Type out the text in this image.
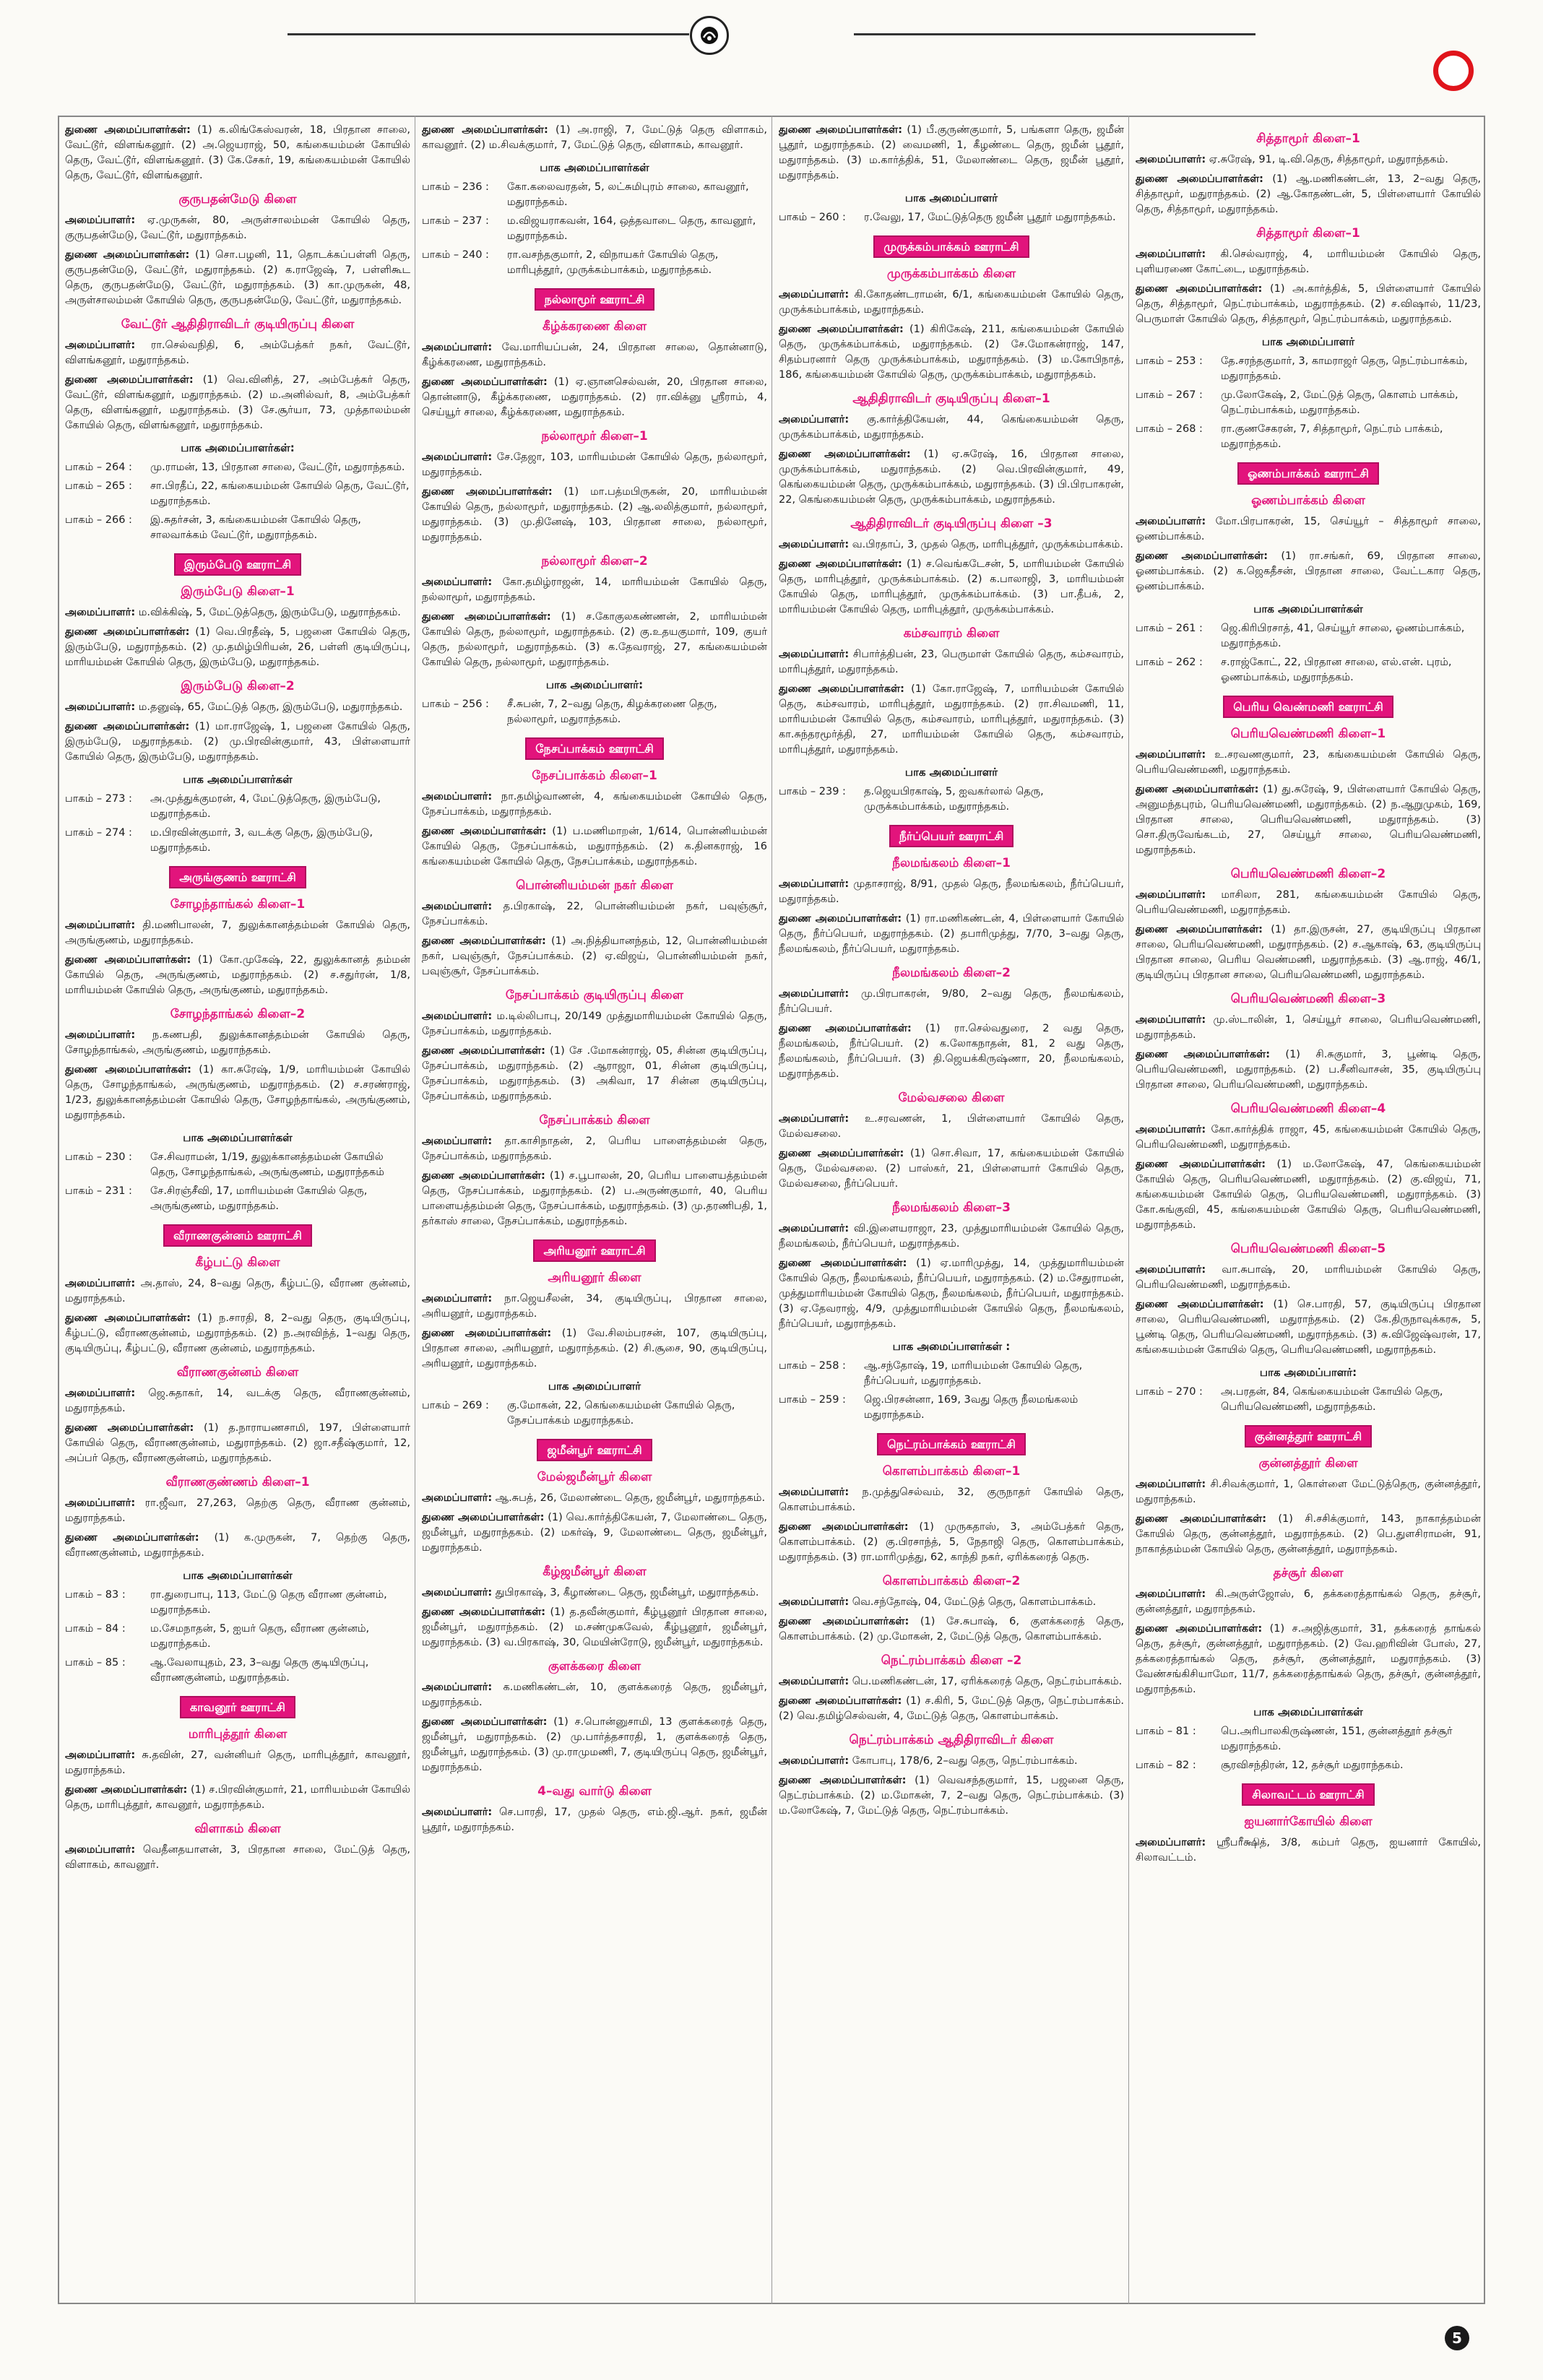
துணை அமைப்பாளர்கள்: (1) க.லிங்கேஸ்வரன், 18, பிரதான சாலை, வேட்டூர், விளங்கனூர். (2) அ.ஜெயராஜ், 50, கங்கையம்மன் கோயில் தெரு, வேட்டூர், விளங்கனூர். (3) கே.சேகர், 19, கங்கையம்மன் கோயில் தெரு, வேட்டூர், விளங்கனூர்.
குருபதன்மேடு கிளை
அமைப்பாளர்: ஏ.முருகன், 80, அருள்சாலம்மன் கோயில் தெரு, குருபதன்மேடு, வேட்டூர், மதுராந்தகம்.
துணை அமைப்பாளர்கள்: (1) சொ.பழனி, 11, தொடக்கப்பள்ளி தெரு, குருபதன்மேடு, வேட்டூர், மதுராந்தகம். (2) க.ராஜேஷ், 7, பள்ளிகூட தெரு, குருபதன்மேடு, வேட்டூர், மதுராந்தகம். (3) கா.முருகன், 48, அருள்சாலம்மன் கோயில் தெரு, குருபதன்மேடு, வேட்டூர், மதுராந்தகம்.
வேட்டூர் ஆதிதிராவிடர் குடியிருப்பு கிளை
அமைப்பாளர்: ரா.செல்வநிதி, 6, அம்பேத்கர் நகர், வேட்டூர், விளங்கனூர், மதுராந்தகம்.
துணை அமைப்பாளர்கள்: (1) வெ.வினித், 27, அம்பேத்கர் தெரு, வேட்டூர், விளங்கனூர், மதுராந்தகம். (2) ம.அனில்வர், 8, அம்பேத்கர் தெரு, விளங்கனூர், மதுராந்தகம். (3) சே.சூர்யா, 73, முத்தாலம்மன் கோயில் தெரு, விளங்கனூர், மதுராந்தகம்.
பாக அமைப்பாளர்கள்:
பாகம் – 264 :	மு.ராமன், 13, பிரதான சாலை, வேட்டூர், மதுராந்தகம்.
பாகம் – 265 :	சா.பிரதீப், 22, கங்கையம்மன் கோயில் தெரு, வேட்டூர், மதுராந்தகம்.
பாகம் – 266 :	இ.சுதர்சன், 3, கங்கையம்மன் கோயில் தெரு, சாலவாக்கம் வேட்டூர், மதுராந்தகம்.
இரும்பேடு ஊராட்சி
இரும்பேடு கிளை–1
அமைப்பாளர்: ம.விக்கிஷ், 5, மேட்டுத்தெரு, இரும்பேடு, மதுராந்தகம்.
துணை அமைப்பாளர்கள்: (1) வெ.பிரதீஷ், 5, பஜனை கோயில் தெரு, இரும்பேடு, மதுராந்தகம். (2) மு.தமிழ்பிரியன், 26, பள்ளி குடியிருப்பு, மாரியம்மன் கோயில் தெரு, இரும்பேடு, மதுராந்தகம்.
இரும்பேடு கிளை–2
அமைப்பாளர்: ம.தனுஷ், 65, மேட்டுத் தெரு, இரும்பேடு, மதுராந்தகம்.
துணை அமைப்பாளர்கள்: (1) மா.ராஜேஷ், 1, பஜனை கோயில் தெரு, இரும்பேடு, மதுராந்தகம். (2) மு.பிரவின்குமார், 43, பிள்ளையார் கோயில் தெரு, இரும்பேடு, மதுராந்தகம்.
பாக அமைப்பாளர்கள்
பாகம் – 273 :	அ.முத்துக்குமரன், 4, மேட்டுத்தெரு, இரும்பேடு, மதுராந்தகம்.
பாகம் – 274 :	ம.பிரவின்குமார், 3, வடக்கு தெரு, இரும்பேடு, மதுராந்தகம்.
அருங்குணம் ஊராட்சி
சோழந்தாங்கல் கிளை–1
அமைப்பாளர்: தி.மணிபாலன், 7, துலுக்கானத்தம்மன் கோயில் தெரு, அருங்குணம், மதுராந்தகம்.
துணை அமைப்பாளர்கள்: (1) கோ.முகேஷ், 22, துலுக்கானத் தம்மன் கோயில் தெரு, அருங்குணம், மதுராந்தகம். (2) ச.சதுர்ரன், 1/8, மாரியம்மன் கோயில் தெரு, அருங்குணம், மதுராந்தகம்.
சோழந்தாங்கல் கிளை–2
அமைப்பாளர்: ந.கணபதி, துலுக்கானத்தம்மன் கோயில் தெரு, சோழந்தாங்கல், அருங்குணம், மதுராந்தகம்.
துணை அமைப்பாளர்கள்: (1) கா.சுரேஷ், 1/9, மாரியம்மன் கோயில் தெரு, சோழந்தாங்கல், அருங்குணம், மதுராந்தகம். (2) ச.சரண்ராஜ், 1/23, துலுக்கானத்தம்மன் கோயில் தெரு, சோழந்தாங்கல், அருங்குணம், மதுராந்தகம்.
பாக அமைப்பாளர்கள்
பாகம் – 230 :	சே.சிவராமன், 1/19, துலுக்கானத்தம்மன் கோயில் தெரு, சோழந்தாங்கல், அருங்குணம், மதுராந்தகம்
பாகம் – 231 :	சே.சிரஞ்சீவி, 17, மாரியம்மன் கோயில் தெரு, அருங்குணம், மதுராந்தகம்.
வீராணகுன்னம் ஊராட்சி
கீழ்பட்டு கிளை
அமைப்பாளர்: அ.தாஸ், 24, 8–வது தெரு, கீழ்பட்டு, வீராண குன்னம், மதுராந்தகம்.
துணை அமைப்பாளர்கள்: (1) ந.சாரதி, 8, 2–வது தெரு, குடியிருப்பு, கீழ்பட்டு, வீராணகுன்னம், மதுராந்தகம். (2) ந.அரவிந்த், 1–வது தெரு, குடியிருப்பு, கீழ்பட்டு, வீராண குன்னம், மதுராந்தகம்.
வீராணகுன்னம் கிளை
அமைப்பாளர்: ஜெ.சுதாகர், 14, வடக்கு தெரு, வீராணகுன்னம், மதுராந்தகம்.
துணை அமைப்பாளர்கள்: (1) த.நாராயணசாமி, 197, பிள்ளையார் கோயில் தெரு, வீராணகுன்னம், மதுராந்தகம். (2) ஜா.சதீஷ்குமார், 12, அப்பர் தெரு, வீராணகுன்னம், மதுராந்தகம்.
வீராணகுண்ணம் கிளை–1
அமைப்பாளர்: ரா.ஜீவா, 27,263, தெற்கு தெரு, வீராண குன்னம், மதுராந்தகம்.
துணை அமைப்பாளர்கள்: (1) க.முருகன், 7, தெற்கு தெரு, வீராணகுன்னம், மதுராந்தகம்.
பாக அமைப்பாளர்கள்
பாகம் – 83 :	ரா.துரைபாபு, 113, மேட்டு தெரு வீராண குன்னம், மதுராந்தகம்.
பாகம் – 84 :	ம.சேமநாதன், 5, ஐயர் தெரு, வீராண குன்னம், மதுராந்தகம்.
பாகம் – 85 :	ஆ.வேலாயுதம், 23, 3–வது தெரு குடியிருப்பு, வீராணகுன்னம், மதுராந்தகம்.
காவனூர் ஊராட்சி
மாரிபுத்தூர் கிளை
அமைப்பாளர்: சு.தவின், 27, வன்னியர் தெரு, மாரிபுத்தூர், காவனூர், மதுராந்தகம்.
துணை அமைப்பாளர்கள்: (1) ச.பிரவின்குமார், 21, மாரியம்மன் கோயில் தெரு, மாரிபுத்தூர், காவனூர், மதுராந்தகம்.
விளாகம் கிளை
அமைப்பாளர்: வெதீனதயாளன், 3, பிரதான சாலை, மேட்டுத் தெரு, விளாகம், காவனூர்.
துணை அமைப்பாளர்கள்: (1) அ.ராஜி, 7, மேட்டுத் தெரு விளாகம், காவனூர். (2) ம.சிவக்குமார், 7, மேட்டுத் தெரு, விளாகம், காவனூர்.
பாக அமைப்பாளர்கள்
பாகம் – 236 :	கோ.கலைவரதன், 5, லட்சுமிபுரம் சாலை, காவனூர், மதுராந்தகம்.
பாகம் – 237 :	ம.விஜயராகவன், 164, ஒத்தவாடை தெரு, காவனூர், மதுராந்தகம்.
பாகம் – 240 :	ரா.வசந்தகுமார், 2, விநாயகர் கோயில் தெரு, மாரிபுத்தூர், முருக்கம்பாக்கம், மதுராந்தகம்.
நல்லாமூர் ஊராட்சி
கீழ்க்கரணை கிளை
அமைப்பாளர்: வே.மாரியப்பன், 24, பிரதான சாலை, தொன்னாடு, கீழ்க்கரணை, மதுராந்தகம்.
துணை அமைப்பாளர்கள்: (1) ஏ.ஞானசெல்வன், 20, பிரதான சாலை, தொன்னாடு, கீழ்க்கரணை, மதுராந்தகம். (2) ரா.விக்னு ஸ்ரீராம், 4, செய்யூர் சாலை, கீழ்க்கரணை, மதுராந்தகம்.
நல்லாமூர் கிளை–1
அமைப்பாளர்: சே.தேஜா, 103, மாரியம்மன் கோயில் தெரு, நல்லாமூர், மதுராந்தகம்.
துணை அமைப்பாளர்கள்: (1) மா.பத்மபிருகன், 20, மாரியம்மன் கோயில் தெரு, நல்லாமூர், மதுராந்தகம். (2) ஆ.லலித்குமார், நல்லாமூர், மதுராந்தகம். (3) மு.தினேஷ், 103, பிரதான சாலை, நல்லாமூர், மதுராந்தகம்.
நல்லாமூர் கிளை–2
அமைப்பாளர்: கோ.தமிழ்ராஜன், 14, மாரியம்மன் கோயில் தெரு, நல்லாமூர், மதுராந்தகம்.
துணை அமைப்பாளர்கள்: (1) ச.கோகுலகண்ணன், 2, மாரியம்மன் கோயில் தெரு, நல்லாமூர், மதுராந்தகம். (2) கு.உதயகுமார், 109, குயர் தெரு, நல்லாமூர், மதுராந்தகம். (3) க.தேவராஜ், 27, கங்கையம்மன் கோயில் தெரு, நல்லாமூர், மதுராந்தகம்.
பாக அமைப்பாளர்:
பாகம் – 256 :	சீ.சுபன், 7, 2–வது தெரு, கிழக்கரணை தெரு, நல்லாமூர், மதுராந்தகம்.
நேசப்பாக்கம் ஊராட்சி
நேசப்பாக்கம் கிளை–1
அமைப்பாளர்: நா.தமிழ்வாணன், 4, கங்கையம்மன் கோயில் தெரு, நேசப்பாக்கம், மதுராந்தகம்.
துணை அமைப்பாளர்கள்: (1) ப.மணிமாறன், 1/614, பொன்னியம்மன் கோயில் தெரு, நேசப்பாக்கம், மதுராந்தகம். (2) க.தினகராஜ், 16 கங்கையம்மன் கோயில் தெரு, நேசப்பாக்கம், மதுராந்தகம்.
பொன்னியம்மன் நகர் கிளை
அமைப்பாளர்: த.பிரகாஷ், 22, பொன்னியம்மன் நகர், பவுஞ்சூர், நேசப்பாக்கம்.
துணை அமைப்பாளர்கள்: (1) அ.நித்தியானந்தம், 12, பொன்னியம்மன் நகர், பவுஞ்சூர், நேசப்பாக்கம். (2) ஏ.விஜய், பொன்னியம்மன் நகர், பவுஞ்சூர், நேசப்பாக்கம்.
நேசப்பாக்கம் குடியிருப்பு கிளை
அமைப்பாளர்: ம.டில்லிபாபு, 20/149 முத்துமாரியம்மன் கோயில் தெரு, நேசப்பாக்கம், மதுராந்தகம்.
துணை அமைப்பாளர்கள்: (1) சே .மோகன்ராஜ், 05, சின்ன குடியிருப்பு, நேசப்பாக்கம், மதுராந்தகம். (2) ஆராஜா, 01, சின்ன குடியிருப்பு, நேசப்பாக்கம், மதுராந்தகம். (3) அகிவா, 17 சின்ன குடியிருப்பு, நேசப்பாக்கம், மதுராந்தகம்.
நேசப்பாக்கம் கிளை
அமைப்பாளர்: தா.காசிநாதன், 2, பெரிய பாளைத்தம்மன் தெரு, நேசப்பாக்கம், மதுராந்தகம்.
துணை அமைப்பாளர்கள்: (1) ச.பூபாலன், 20, பெரிய பாளையத்தம்மன் தெரு, நேசப்பாக்கம், மதுராந்தகம். (2) ப.அருண்குமார், 40, பெரிய பாளையத்தம்மன் தெரு, நேசப்பாக்கம், மதுராந்தகம். (3) மு.தரணிபதி, 1, தர்காஸ் சாலை, நேசப்பாக்கம், மதுராந்தகம்.
அரியனூர் ஊராட்சி
அரியனூர் கிளை
அமைப்பாளர்: நா.ஜெயசீலன், 34, குடியிருப்பு, பிரதான சாலை, அரியனூர், மதுராந்தகம்.
துணை அமைப்பாளர்கள்: (1) வே.சிலம்பரசன், 107, குடியிருப்பு, பிரதான சாலை, அரியனூர், மதுராந்தகம். (2) சி.சூசை, 90, குடியிருப்பு, அரியனூர், மதுராந்தகம்.
பாக அமைப்பாளர்
பாகம் – 269 :	கு.மோகன், 22, கெங்கையம்மன் கோயில் தெரு, நேசப்பாக்கம் மதுராந்தகம்.
ஜமீன்பூர் ஊராட்சி
மேல்ஜமீன்பூர் கிளை
அமைப்பாளர்: ஆ.சுபத், 26, மேலாண்டை தெரு, ஜமீன்பூர், மதுராந்தகம்.
துணை அமைப்பாளர்கள்: (1) வெ.கார்த்திகேயன், 7, மேலாண்டை தெரு, ஜமீன்பூர், மதுராந்தகம். (2) மகர்ஷ், 9, மேலாண்டை தெரு, ஜமீன்பூர், மதுராந்தகம்.
கீழ்ஜமீன்பூர் கிளை
அமைப்பாளர்: துபிரகாஷ், 3, கீழாண்டை தெரு, ஜமீன்பூர், மதுராந்தகம்.
துணை அமைப்பாளர்கள்: (1) த.தவீன்குமார், கீழ்பூனூர் பிரதான சாலை, ஜமீன்பூர், மதுராந்தகம். (2) ம.சண்முகவேல், கீழ்பூனூர், ஜமீன்பூர், மதுராந்தகம். (3) வ.பிரகாஷ், 30, மெயின்ரோடு, ஜமீன்பூர், மதுராந்தகம்.
குளக்கரை கிளை
அமைப்பாளர்: க.மணிகண்டன், 10, குளக்கரைத் தெரு, ஜமீன்பூர், மதுராந்தகம்.
துணை அமைப்பாளர்கள்: (1) ச.பொன்னுசாமி, 13 குளக்கரைத் தெரு, ஜமீன்பூர், மதுராந்தகம். (2) மு.பார்த்தசாரதி, 1, குளக்கரைத் தெரு, ஜமீன்பூர், மதுராந்தகம். (3) மு.ராமுமணி, 7, குடியிருப்பு தெரு, ஜமீன்பூர், மதுராந்தகம்.
4–வது வார்டு கிளை
அமைப்பாளர்: செ.பாரதி, 17, முதல் தெரு, எம்.ஜி.ஆர். நகர், ஜமீன் பூதூர், மதுராந்தகம்.
துணை அமைப்பாளர்கள்: (1) பீ.குருண்குமார், 5, பங்களா தெரு, ஜமீன் பூதூர், மதுராந்தகம். (2) வைமணி, 1, கீழண்டை தெரு, ஜமீன் பூதூர், மதுராந்தகம். (3) ம.கார்த்திக், 51, மேலாண்டை தெரு, ஜமீன் பூதூர், மதுராந்தகம்.
பாக அமைப்பாளர்
பாகம் – 260 :	ர.வேலு, 17, மேட்டுத்தெரு ஜமீன் பூதூர் மதுராந்தகம்.
முருக்கம்பாக்கம் ஊராட்சி
முருக்கம்பாக்கம் கிளை
அமைப்பாளர்: கி.கோதண்டராமன், 6/1, கங்கையம்மன் கோயில் தெரு, முருக்கம்பாக்கம், மதுராந்தகம்.
துணை அமைப்பாளர்கள்: (1) கிரிகேஷ், 211, கங்கையம்மன் கோயில் தெரு, முருக்கம்பாக்கம், மதுராந்தகம். (2) சே.மோகன்ராஜ், 147, சிதம்பரனார் தெரு முருக்கம்பாக்கம், மதுராந்தகம். (3) ம.கோபிநாத், 186, கங்கையம்மன் கோயில் தெரு, முருக்கம்பாக்கம், மதுராந்தகம்.
ஆதிதிராவிடர் குடியிருப்பு கிளை–1
அமைப்பாளர்: கு.கார்த்திகேயன், 44, கெங்கையம்மன் தெரு, முருக்கம்பாக்கம், மதுராந்தகம்.
துணை அமைப்பாளர்கள்: (1) ஏ.சுரேஷ், 16, பிரதான சாலை, முருக்கம்பாக்கம், மதுராந்தகம். (2) வெ.பிரவின்குமார், 49, கெங்கையம்மன் தெரு, முருக்கம்பாக்கம், மதுராந்தகம். (3) பி.பிரபாகரன், 22, கெங்கையம்மன் தெரு, முருக்கம்பாக்கம், மதுராந்தகம்.
ஆதிதிராவிடர் குடியிருப்பு கிளை –3
அமைப்பாளர்: வ.பிரதாப், 3, முதல் தெரு, மாரிபுத்தூர், முருக்கம்பாக்கம்.
துணை அமைப்பாளர்கள்: (1) ச.வெங்கடேசன், 5, மாரியம்மன் கோயில் தெரு, மாரிபுத்தூர், முருக்கம்பாக்கம். (2) க.பாலாஜி, 3, மாரியம்மன் கோயில் தெரு, மாரிபுத்தூர், முருக்கம்பாக்கம். (3) பா.தீபக், 2, மாரியம்மன் கோயில் தெரு, மாரிபுத்தூர், முருக்கம்பாக்கம்.
கம்சவாரம் கிளை
அமைப்பாளர்: சிபார்த்திபன், 23, பெருமாள் கோயில் தெரு, கம்சவாரம், மாரிபுத்தூர், மதுராந்தகம்.
துணை அமைப்பாளர்கள்: (1) கோ.ராஜேஷ், 7, மாரியம்மன் கோயில் தெரு, கம்சவாரம், மாரிபுத்தூர், மதுராந்தகம். (2) ரா.சிவமணி, 11, மாரியம்மன் கோயில் தெரு, கம்சவாரம், மாரிபுத்தூர், மதுராந்தகம். (3) கா.சுந்தரமூர்த்தி, 27, மாரியம்மன் கோயில் தெரு, கம்சவாரம், மாரிபுத்தூர், மதுராந்தகம்.
பாக அமைப்பாளர்
பாகம் – 239 :	த.ஜெயபிரகாஷ், 5, ஐவகர்லால் தெரு, முருக்கம்பாக்கம், மதுராந்தகம்.
நீர்ப்பெயர் ஊராட்சி
நீலமங்கலம் கிளை–1
அமைப்பாளர்: முதாசராஜ், 8/91, முதல் தெரு, நீலமங்கலம், நீர்ப்பெயர், மதுராந்தகம்.
துணை அமைப்பாளர்கள்: (1) ரா.மணிகண்டன், 4, பிள்ளையார் கோயில் தெரு, நீர்ப்பெயர், மதுராந்தகம். (2) தபாரிமுத்து, 7/70, 3–வது தெரு, நீலமங்கலம், நீர்ப்பெயர், மதுராந்தகம்.
நீலமங்கலம் கிளை–2
அமைப்பாளர்: மு.பிரபாகரன், 9/80, 2–வது தெரு, நீலமங்கலம், நீர்ப்பெயர்.
துணை அமைப்பாளர்கள்: (1) ரா.செல்வதுரை, 2 வது தெரு, நீலமங்கலம், நீர்ப்பெயர். (2) க.லோகநாதன், 81, 2 வது தெரு, நீலமங்கலம், நீர்ப்பெயர். (3) தி.ஜெயக்கிருஷ்ணா, 20, நீலமங்கலம், மதுராந்தகம்.
மேல்வசலை கிளை
அமைப்பாளர்: உ.சரவணன், 1, பிள்ளையார் கோயில் தெரு, மேல்வசலை.
துணை அமைப்பாளர்கள்: (1) சொ.சிவா, 17, கங்கையம்மன் கோயில் தெரு, மேல்வசலை. (2) பாஸ்கர், 21, பிள்ளையார் கோயில் தெரு, மேல்வசலை, நீர்ப்பெயர்.
நீலமங்கலம் கிளை–3
அமைப்பாளர்: வி.இளையராஜா, 23, முத்துமாரியம்மன் கோயில் தெரு, நீலமங்கலம், நீர்ப்பெயர், மதுராந்தகம்.
துணை அமைப்பாளர்கள்: (1) ஏ.மாரிமுத்து, 14, முத்துமாரியம்மன் கோயில் தெரு, நீலமங்கலம், நீர்ப்பெயர், மதுராந்தகம். (2) ம.சேதுராமன், முத்துமாரியம்மன் கோயில் தெரு, நீலமங்கலம், நீர்ப்பெயர், மதுராந்தகம். (3) ஏ.தேவராஜ், 4/9, முத்துமாரியம்மன் கோயில் தெரு, நீலமங்கலம், நீர்ப்பெயர், மதுராந்தகம்.
பாக அமைப்பாளர்கள் :
பாகம் – 258 :	ஆ.சந்தோஷ், 19, மாரியம்மன் கோயில் தெரு, நீர்ப்பெயர், மதுராந்தகம்.
பாகம் – 259 :	ஜெ.பிரசன்னா, 169, 3வது தெரு நீலமங்கலம் மதுராந்தகம்.
நெட்ரம்பாக்கம் ஊராட்சி
கொளம்பாக்கம் கிளை–1
அமைப்பாளர்: ந.முத்துசெல்வம், 32, குருநாதர் கோயில் தெரு, கொளம்பாக்கம்.
துணை அமைப்பாளர்கள்: (1) முருகதாஸ், 3, அம்பேத்கர் தெரு, கொளம்பாக்கம். (2) கு.பிரசாந்த், 5, நேதாஜி தெரு, கொளம்பாக்கம், மதுராந்தகம். (3) ரா.மாரிமுத்து, 62, காந்தி நகர், ஏரிக்கரைத் தெரு.
கொளம்பாக்கம் கிளை–2
அமைப்பாளர்: வெ.சந்தோஷ், 04, மேட்டுத் தெரு, கொளம்பாக்கம்.
துணை அமைப்பாளர்கள்: (1) சே.சுபாஷ், 6, குளக்கரைத் தெரு, கொளம்பாக்கம். (2) மு.மோகன், 2, மேட்டுத் தெரு, கொளம்பாக்கம்.
நெட்ரம்பாக்கம் கிளை –2
அமைப்பாளர்: பெ.மணிகண்டன், 17, ஏரிக்கரைத் தெரு, நெட்ரம்பாக்கம்.
துணை அமைப்பாளர்கள்: (1) ச.கிரி, 5, மேட்டுத் தெரு, நெட்ரம்பாக்கம். (2) வெ.தமிழ்செல்வன், 4, மேட்டுத் தெரு, கொளம்பாக்கம்.
நெட்ரம்பாக்கம் ஆதிதிராவிடர் கிளை
அமைப்பாளர்: கோபாபு, 178/6, 2–வது தெரு, நெட்ரம்பாக்கம்.
துணை அமைப்பாளர்கள்: (1) வெவசந்தகுமார், 15, பஜனை தெரு, நெட்ரம்பாக்கம். (2) ம.மோகன், 7, 2–வது தெரு, நெட்ரம்பாக்கம். (3) ம.லோகேஷ், 7, மேட்டுத் தெரு, நெட்ரம்பாக்கம்.
சித்தாமூர் கிளை–1
அமைப்பாளர்: ஏ.சுரேஷ், 91, டி.வி.தெரு, சித்தாமூர், மதுராந்தகம்.
துணை அமைப்பாளர்கள்: (1) ஆ.மணிகண்டன், 13, 2–வது தெரு, சித்தாமூர், மதுராந்தகம். (2) ஆ.கோதண்டன், 5, பிள்ளையார் கோயில் தெரு, சித்தாமூர், மதுராந்தகம்.
சித்தாமூர் கிளை–1
அமைப்பாளர்: கி.செல்வராஜ், 4, மாரியம்மன் கோயில் தெரு, புளியரணை கோட்டை, மதுராந்தகம்.
துணை அமைப்பாளர்கள்: (1) அ.கார்த்திக், 5, பிள்ளையார் கோயில் தெரு, சித்தாமூர், நெட்ரம்பாக்கம், மதுராந்தகம். (2) ச.விஷால், 11/23, பெருமாள் கோயில் தெரு, சித்தாமூர், நெட்ரம்பாக்கம், மதுராந்தகம்.
பாக அமைப்பாளர்
பாகம் – 253 :	தே.சரந்தகுமார், 3, காமராஜர் தெரு, நெட்ரம்பாக்கம், மதுராந்தகம்.
பாகம் – 267 :	மு.லோகேஷ், 2, மேட்டுத் தெரு, கொளம் பாக்கம், நெட்ரம்பாக்கம், மதுராந்தகம்.
பாகம் – 268 :	ரா.குணசேகரன், 7, சித்தாமூர், நெட்ரம் பாக்கம், மதுராந்தகம்.
ஓணம்பாக்கம் ஊராட்சி
ஓணம்பாக்கம் கிளை
அமைப்பாளர்: மோ.பிரபாகரன், 15, செய்யூர் – சித்தாமூர் சாலை, ஓணம்பாக்கம்.
துணை அமைப்பாளர்கள்: (1) ரா.சங்கர், 69, பிரதான சாலை, ஓணம்பாக்கம். (2) க.ஜெகதீசன், பிரதான சாலை, வேட்டகார தெரு, ஓணம்பாக்கம்.
பாக அமைப்பாளர்கள்
பாகம் – 261 :	ஜெ.கிரிபிரசாத், 41, செய்யூர் சாலை, ஓணம்பாக்கம், மதுராந்தகம்.
பாகம் – 262 :	ச.ராஜ்கோட், 22, பிரதான சாலை, எல்.என். புரம், ஓணம்பாக்கம், மதுராந்தகம்.
பெரிய வெண்மணி ஊராட்சி
பெரியவெண்மணி கிளை–1
அமைப்பாளர்: உ.சரவணகுமார், 23, கங்கையம்மன் கோயில் தெரு, பெரியவெண்மணி, மதுராந்தகம்.
துணை அமைப்பாளர்கள்: (1) து.சுரேஷ், 9, பிள்ளையார் கோயில் தெரு, அனுமந்தபுரம், பெரியவெண்மணி, மதுராந்தகம். (2) ந.ஆறுமுகம், 169, பிரதான சாலை, பெரியவெண்மணி, மதுராந்தகம். (3) சொ.திருவேங்கடம், 27, செய்யூர் சாலை, பெரியவெண்மணி, மதுராந்தகம்.
பெரியவெண்மணி கிளை–2
அமைப்பாளர்: மாசிலா, 281, கங்கையம்மன் கோயில் தெரு, பெரியவெண்மணி, மதுராந்தகம்.
துணை அமைப்பாளர்கள்: (1) தா.இருசன், 27, குடியிருப்பு பிரதான சாலை, பெரியவெண்மணி, மதுராந்தகம். (2) ச.ஆகாஷ், 63, குடியிருப்பு பிரதான சாலை, பெரிய வெண்மணி, மதுராந்தகம். (3) ஆ.ராஜ், 46/1, குடியிருப்பு பிரதான சாலை, பெரியவெண்மணி, மதுராந்தகம்.
பெரியவெண்மணி கிளை–3
அமைப்பாளர்: மு.ஸ்டாலின், 1, செய்யூர் சாலை, பெரியவெண்மணி, மதுராந்தகம்.
துணை அமைப்பாளர்கள்: (1) சி.சுகுமார், 3, பூண்டி தெரு, பெரியவெண்மணி, மதுராந்தகம். (2) ப.சீனிவாசன், 35, குடியிருப்பு பிரதான சாலை, பெரியவெண்மணி, மதுராந்தகம்.
பெரியவெண்மணி கிளை–4
அமைப்பாளர்: கோ.கார்த்திக் ராஜா, 45, கங்கையம்மன் கோயில் தெரு, பெரியவெண்மணி, மதுராந்தகம்.
துணை அமைப்பாளர்கள்: (1) ம.லோகேஷ், 47, கெங்கையம்மன் கோயில் தெரு, பெரியவெண்மணி, மதுராந்தகம். (2) கு.விஜய், 71, கங்கையம்மன் கோயில் தெரு, பெரியவெண்மணி, மதுராந்தகம். (3) கோ.சுங்குவி, 45, கங்கையம்மன் கோயில் தெரு, பெரியவெண்மணி, மதுராந்தகம்.
பெரியவெண்மணி கிளை–5
அமைப்பாளர்: வா.சுபாஷ், 20, மாரியம்மன் கோயில் தெரு, பெரியவெண்மணி, மதுராந்தகம்.
துணை அமைப்பாளர்கள்: (1) செ.பாரதி, 57, குடியிருப்பு பிரதான சாலை, பெரியவெண்மணி, மதுராந்தகம். (2) கே.திருநாவுக்கரசு, 5, பூண்டி தெரு, பெரியவெண்மணி, மதுராந்தகம். (3) சு.விஜேஷ்வரன், 17, கங்கையம்மன் கோயில் தெரு, பெரியவெண்மணி, மதுராந்தகம்.
பாக அமைப்பாளர்:
பாகம் – 270 :	அ.பரதன், 84, கெங்கையம்மன் கோயில் தெரு, பெரியவெண்மணி, மதுராந்தகம்.
குன்னத்தூர் ஊராட்சி
குன்னத்தூர் கிளை
அமைப்பாளர்: சி.சிவக்குமார், 1, கொள்ளை மேட்டுத்தெரு, குன்னத்தூர், மதுராந்தகம்.
துணை அமைப்பாளர்கள்: (1) சி.சசிக்குமார், 143, நாகாத்தம்மன் கோயில் தெரு, குன்னத்தூர், மதுராந்தகம். (2) பெ.துளசிராமன், 91, நாகாத்தம்மன் கோயில் தெரு, குன்னத்தூர், மதுராந்தகம்.
தச்சூர் கிளை
அமைப்பாளர்: கி.அருள்ஜோஸ், 6, தக்கரைத்தாங்கல் தெரு, தச்சூர், குன்னத்தூர், மதுராந்தகம்.
துணை அமைப்பாளர்கள்: (1) ச.அஜித்குமார், 31, தக்கரைத் தாங்கல் தெரு, தச்சூர், குன்னத்தூர், மதுராந்தகம். (2) வே.ஹரிவின் போஸ், 27, தக்கரைத்தாங்கல் தெரு, தச்சூர், குன்னத்தூர், மதுராந்தகம். (3) வேண்சங்கிசியாமோ, 11/7, தக்கரைத்தாங்கல் தெரு, தச்சூர், குன்னத்தூர், மதுராந்தகம்.
பாக அமைப்பாளர்கள்
பாகம் – 81 :	பெ.அரிபாலகிருஷ்ணன், 151, குன்னத்தூர் தச்சூர் மதுராந்தகம்.
பாகம் – 82 :	சூரவிசந்திரன், 12, தச்சூர் மதுராந்தகம்.
சிலாவட்டம் ஊராட்சி
ஐயனார்கோயில் கிளை
அமைப்பாளர்: ஸ்ரீபரீக்ஷித், 3/8, கம்பர் தெரு, ஐயனார் கோயில், சிலாவட்டம்.
5
